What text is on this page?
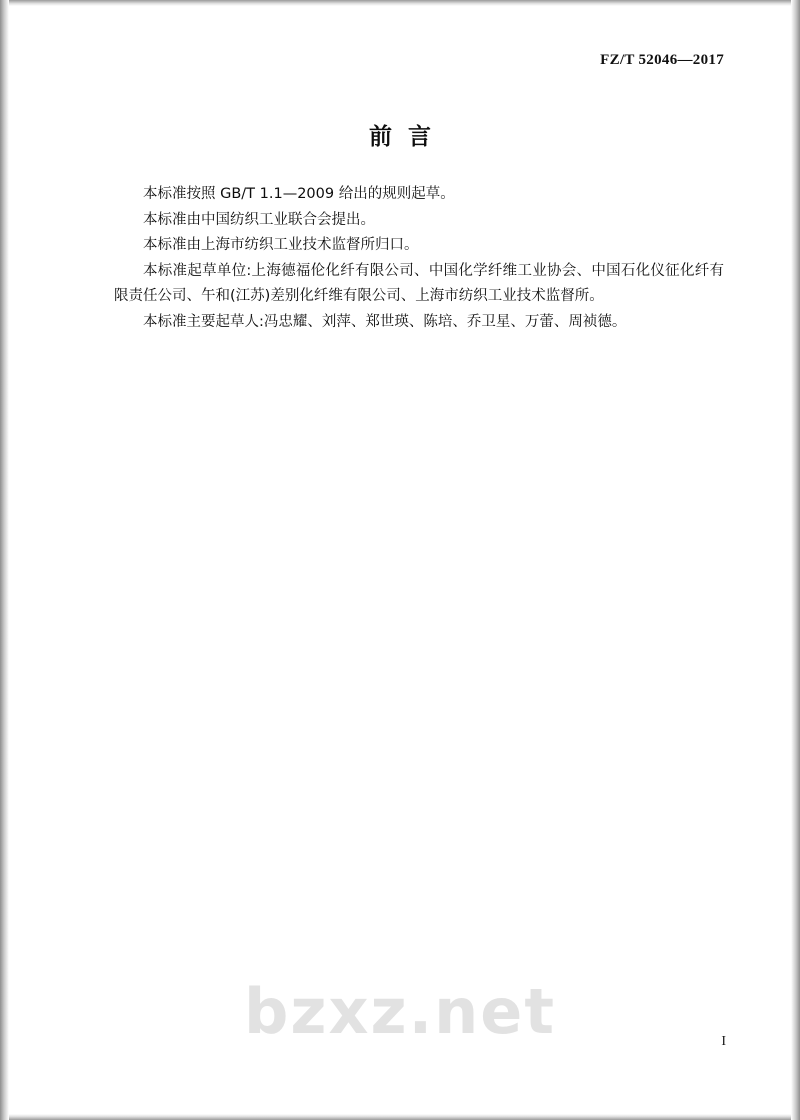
FZ/T 52046—2017
前言

本标准按照 GB/T 1.1—2009 给出的规则起草。

本标准由中国纺织工业联合会提出。

本标准由上海市纺织工业技术监督所归口。

本标准起草单位:上海德福伦化纤有限公司、中国化学纤维工业协会、中国石化仪征化纤有限责任公司、午和(江苏)差别化纤维有限公司、上海市纺织工业技术监督所。

本标准主要起草人:冯忠耀、刘萍、郑世瑛、陈培、乔卫星、万蕾、周祯德。

bzxz.net	I
